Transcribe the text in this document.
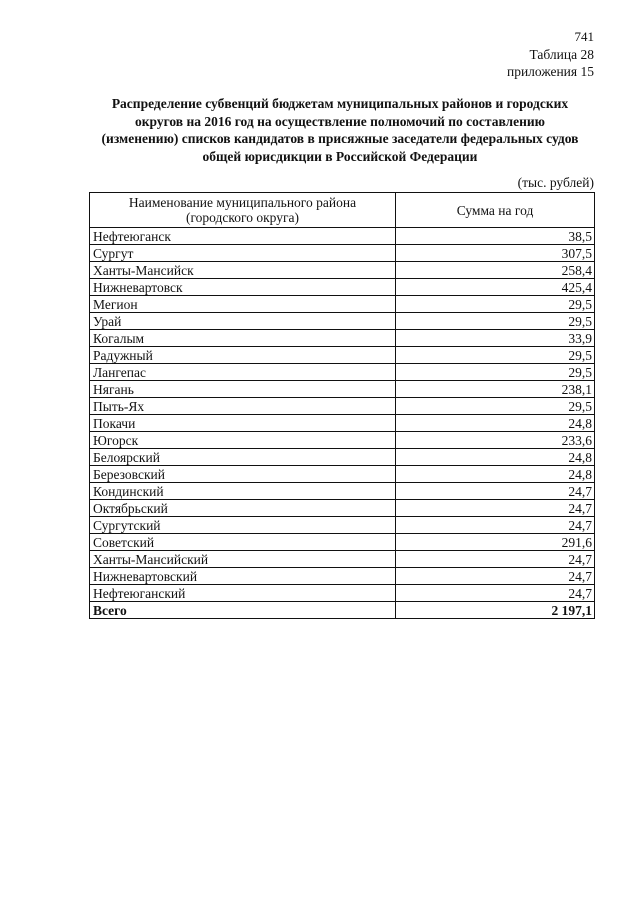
741
Таблица 28
приложения 15
Распределение субвенций бюджетам муниципальных районов и городских
округов на 2016 год на осуществление полномочий по составлению
(изменению) списков кандидатов в присяжные заседатели федеральных судов
общей юрисдикции в Российской Федерации
(тыс. рублей)
Наименование муниципального района
(городского округа)	Сумма на год
Нефтеюганск	38,5
Сургут	307,5
Ханты-Мансийск	258,4
Нижневартовск	425,4
Мегион	29,5
Урай	29,5
Когалым	33,9
Радужный	29,5
Лангепас	29,5
Нягань	238,1
Пыть-Ях	29,5
Покачи	24,8
Югорск	233,6
Белоярский	24,8
Березовский	24,8
Кондинский	24,7
Октябрьский	24,7
Сургутский	24,7
Советский	291,6
Ханты-Мансийский	24,7
Нижневартовский	24,7
Нефтеюганский	24,7
Всего	2 197,1
